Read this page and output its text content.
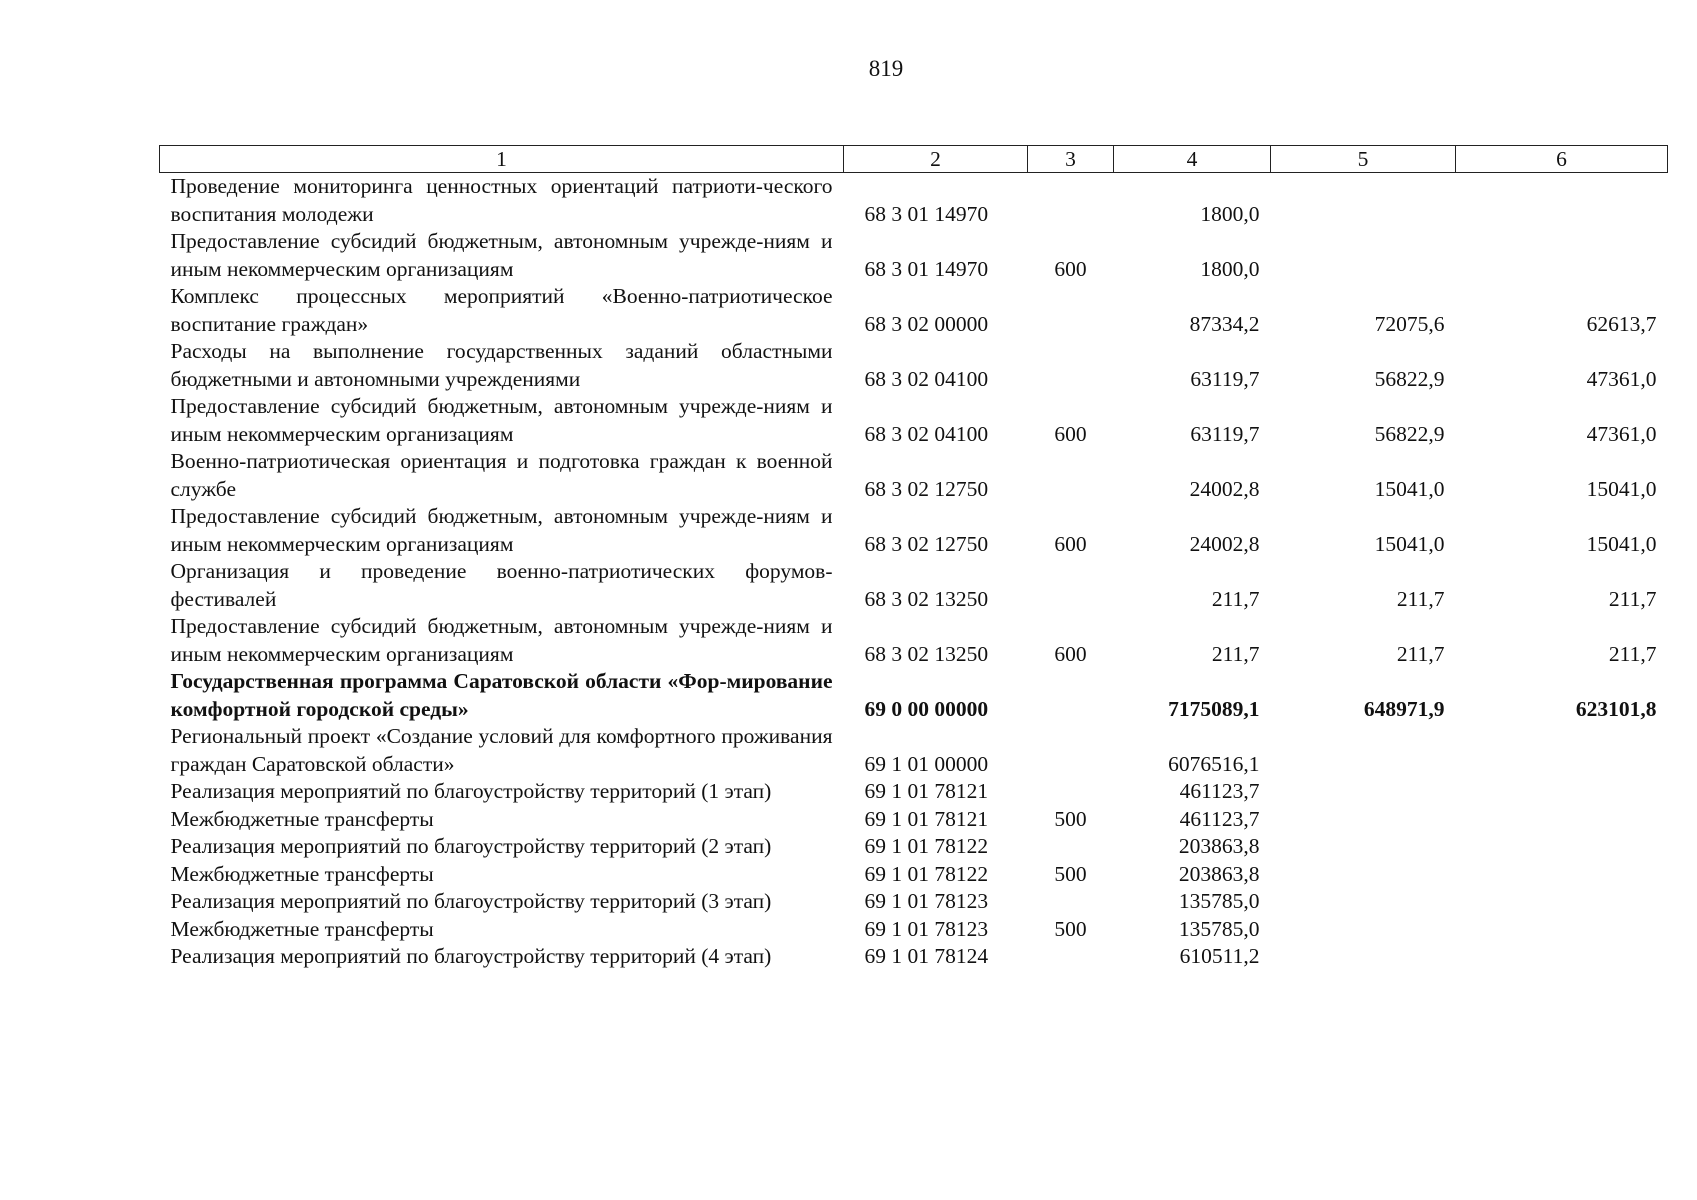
819
1	2	3	4	5	6
Проведение мониторинга ценностных ориентаций патриоти-ческого воспитания молодежи	68 3 01 14970		1800,0		
Предоставление субсидий бюджетным, автономным учрежде-ниям и иным некоммерческим организациям	68 3 01 14970	600	1800,0		
Комплекс процессных мероприятий «Военно-патриотическое воспитание граждан»	68 3 02 00000		87334,2	72075,6	62613,7
Расходы на выполнение государственных заданий областными бюджетными и автономными учреждениями	68 3 02 04100		63119,7	56822,9	47361,0
Предоставление субсидий бюджетным, автономным учрежде-ниям и иным некоммерческим организациям	68 3 02 04100	600	63119,7	56822,9	47361,0
Военно-патриотическая ориентация и подготовка граждан к военной службе	68 3 02 12750		24002,8	15041,0	15041,0
Предоставление субсидий бюджетным, автономным учрежде-ниям и иным некоммерческим организациям	68 3 02 12750	600	24002,8	15041,0	15041,0
Организация и проведение военно-патриотических форумов-фестивалей	68 3 02 13250		211,7	211,7	211,7
Предоставление субсидий бюджетным, автономным учрежде-ниям и иным некоммерческим организациям	68 3 02 13250	600	211,7	211,7	211,7
Государственная программа Саратовской области «Фор-мирование комфортной городской среды»	69 0 00 00000		7175089,1	648971,9	623101,8
Региональный проект «Создание условий для комфортного проживания граждан Саратовской области»	69 1 01 00000		6076516,1		
Реализация мероприятий по благоустройству территорий (1 этап)	69 1 01 78121		461123,7		
Межбюджетные трансферты	69 1 01 78121	500	461123,7		
Реализация мероприятий по благоустройству территорий (2 этап)	69 1 01 78122		203863,8		
Межбюджетные трансферты	69 1 01 78122	500	203863,8		
Реализация мероприятий по благоустройству территорий (3 этап)	69 1 01 78123		135785,0		
Межбюджетные трансферты	69 1 01 78123	500	135785,0		
Реализация мероприятий по благоустройству территорий (4 этап)	69 1 01 78124		610511,2		
